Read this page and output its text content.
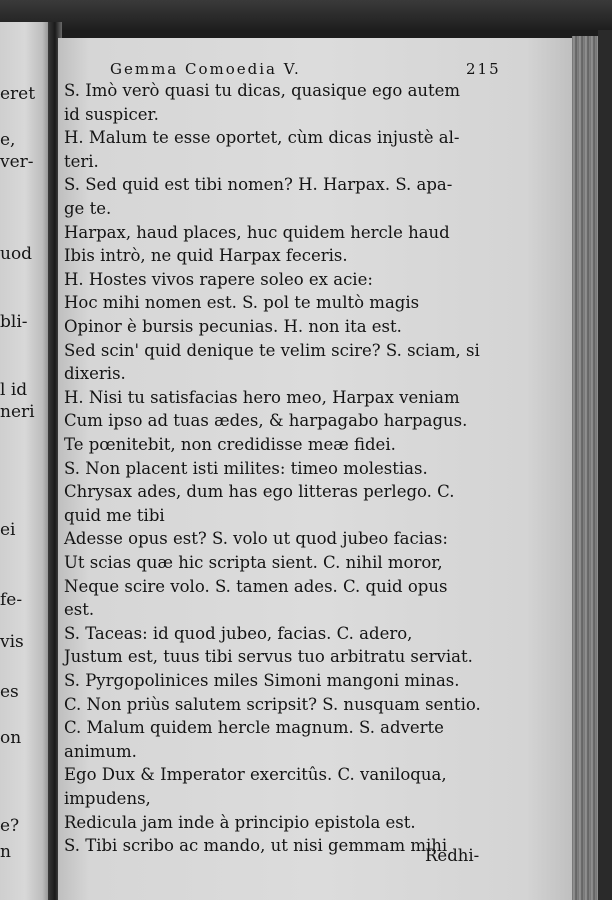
eret
e,
ver-
uod
bli-
l id
neri
ei
fe-
vis
es
on
e?
n
Gemma Comoedia V.	215
S. Imò verò quasi tu dicas, quasique ego autem
id suspicer.
H. Malum te esse oportet, cùm dicas injustè al-
teri.
S. Sed quid est tibi nomen? H. Harpax. S. apa-
ge te.
Harpax, haud places, huc quidem hercle haud
Ibis intrò, ne quid Harpax feceris.
H. Hostes vivos rapere soleo ex acie:
Hoc mihi nomen est. S. pol te multò magis
Opinor è bursis pecunias. H. non ita est.
Sed scin' quid denique te velim scire? S. sciam, si
dixeris.
H. Nisi tu satisfacias hero meo, Harpax veniam
Cum ipso ad tuas ædes, & harpagabo harpagus.
Te pœnitebit, non credidisse meæ fidei.
S. Non placent isti milites: timeo molestias.
Chrysax ades, dum has ego litteras perlego. C.
quid me tibi
Adesse opus est? S. volo ut quod jubeo facias:
Ut scias quæ hic scripta sient. C. nihil moror,
Neque scire volo. S. tamen ades. C. quid opus
est.
S. Taceas: id quod jubeo, facias. C. adero,
Justum est, tuus tibi servus tuo arbitratu serviat.
S. Pyrgopolinices miles Simoni mangoni minas.
C. Non priùs salutem scripsit? S. nusquam sentio.
C. Malum quidem hercle magnum. S. adverte
animum.
Ego Dux & Imperator exercitûs. C. vaniloqua,
impudens,
Redicula jam inde à principio epistola est.
S. Tibi scribo ac mando, ut nisi gemmam mihi
Redhi-
